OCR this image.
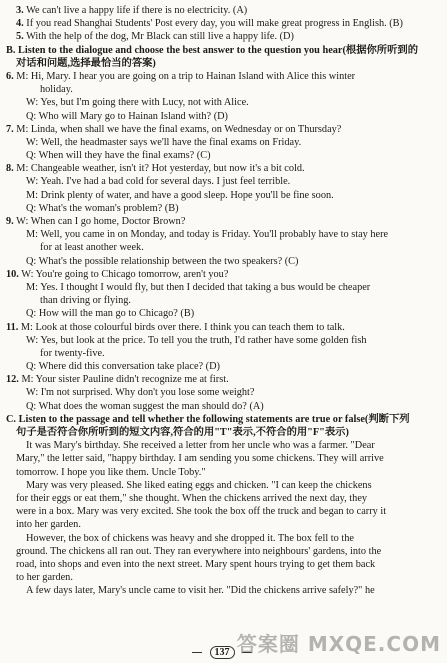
3. We can't live a happy life if there is no electricity. (A)
4. If you read Shanghai Students' Post every day, you will make great progress in English. (B)
5. With the help of the dog, Mr Black can still live a happy life. (D)
B. Listen to the dialogue and choose the best answer to the question you hear(根据你所听到的
对话和问题,选择最恰当的答案)
6. M: Hi, Mary. I hear you are going on a trip to Hainan Island with Alice this winter
holiday.
W: Yes, but I'm going there with Lucy, not with Alice.
Q: Who will Mary go to Hainan Island with? (D)
7. M: Linda, when shall we have the final exams, on Wednesday or on Thursday?
W: Well, the headmaster says we'll have the final exams on Friday.
Q: When will they have the final exams? (C)
8. M: Changeable weather, isn't it? Hot yesterday, but now it's a bit cold.
W: Yeah. I've had a bad cold for several days. I just feel terrible.
M: Drink plenty of water, and have a good sleep. Hope you'll be fine soon.
Q: What's the woman's problem? (B)
9. W: When can I go home, Doctor Brown?
M: Well, you came in on Monday, and today is Friday. You'll probably have to stay here
for at least another week.
Q: What's the possible relationship between the two speakers? (C)
10. W: You're going to Chicago tomorrow, aren't you?
M: Yes. I thought I would fly, but then I decided that taking a bus would be cheaper
than driving or flying.
Q: How will the man go to Chicago? (B)
11. M: Look at those colourful birds over there. I think you can teach them to talk.
W: Yes, but look at the price. To tell you the truth, I'd rather have some golden fish
for twenty-five.
Q: Where did this conversation take place? (D)
12. M: Your sister Pauline didn't recognize me at first.
W: I'm not surprised. Why don't you lose some weight?
Q: What does the woman suggest the man should do? (A)
C. Listen to the passage and tell whether the following statements are true or false(判断下列
句子是否符合你所听到的短文内容,符合的用"T"表示,不符合的用"F"表示)
It was Mary's birthday. She received a letter from her uncle who was a farmer. "Dear
Mary," the letter said, "happy birthday. I am sending you some chickens. They will arrive
tomorrow. I hope you like them. Uncle Toby."
Mary was very pleased. She liked eating eggs and chicken. "I can keep the chickens
for their eggs or eat them," she thought. When the chickens arrived the next day, they
were in a box. Mary was very excited. She took the box off the truck and began to carry it
into her garden.
However, the box of chickens was heavy and she dropped it. The box fell to the
ground. The chickens all ran out. They ran everywhere into neighbours' gardens, into the
road, into shops and even into the next street. Mary spent hours trying to get them back
to her garden.
A few days later, Mary's uncle came to visit her. "Did the chickens arrive safely?" he
137 答案圈 MXQE.COM
